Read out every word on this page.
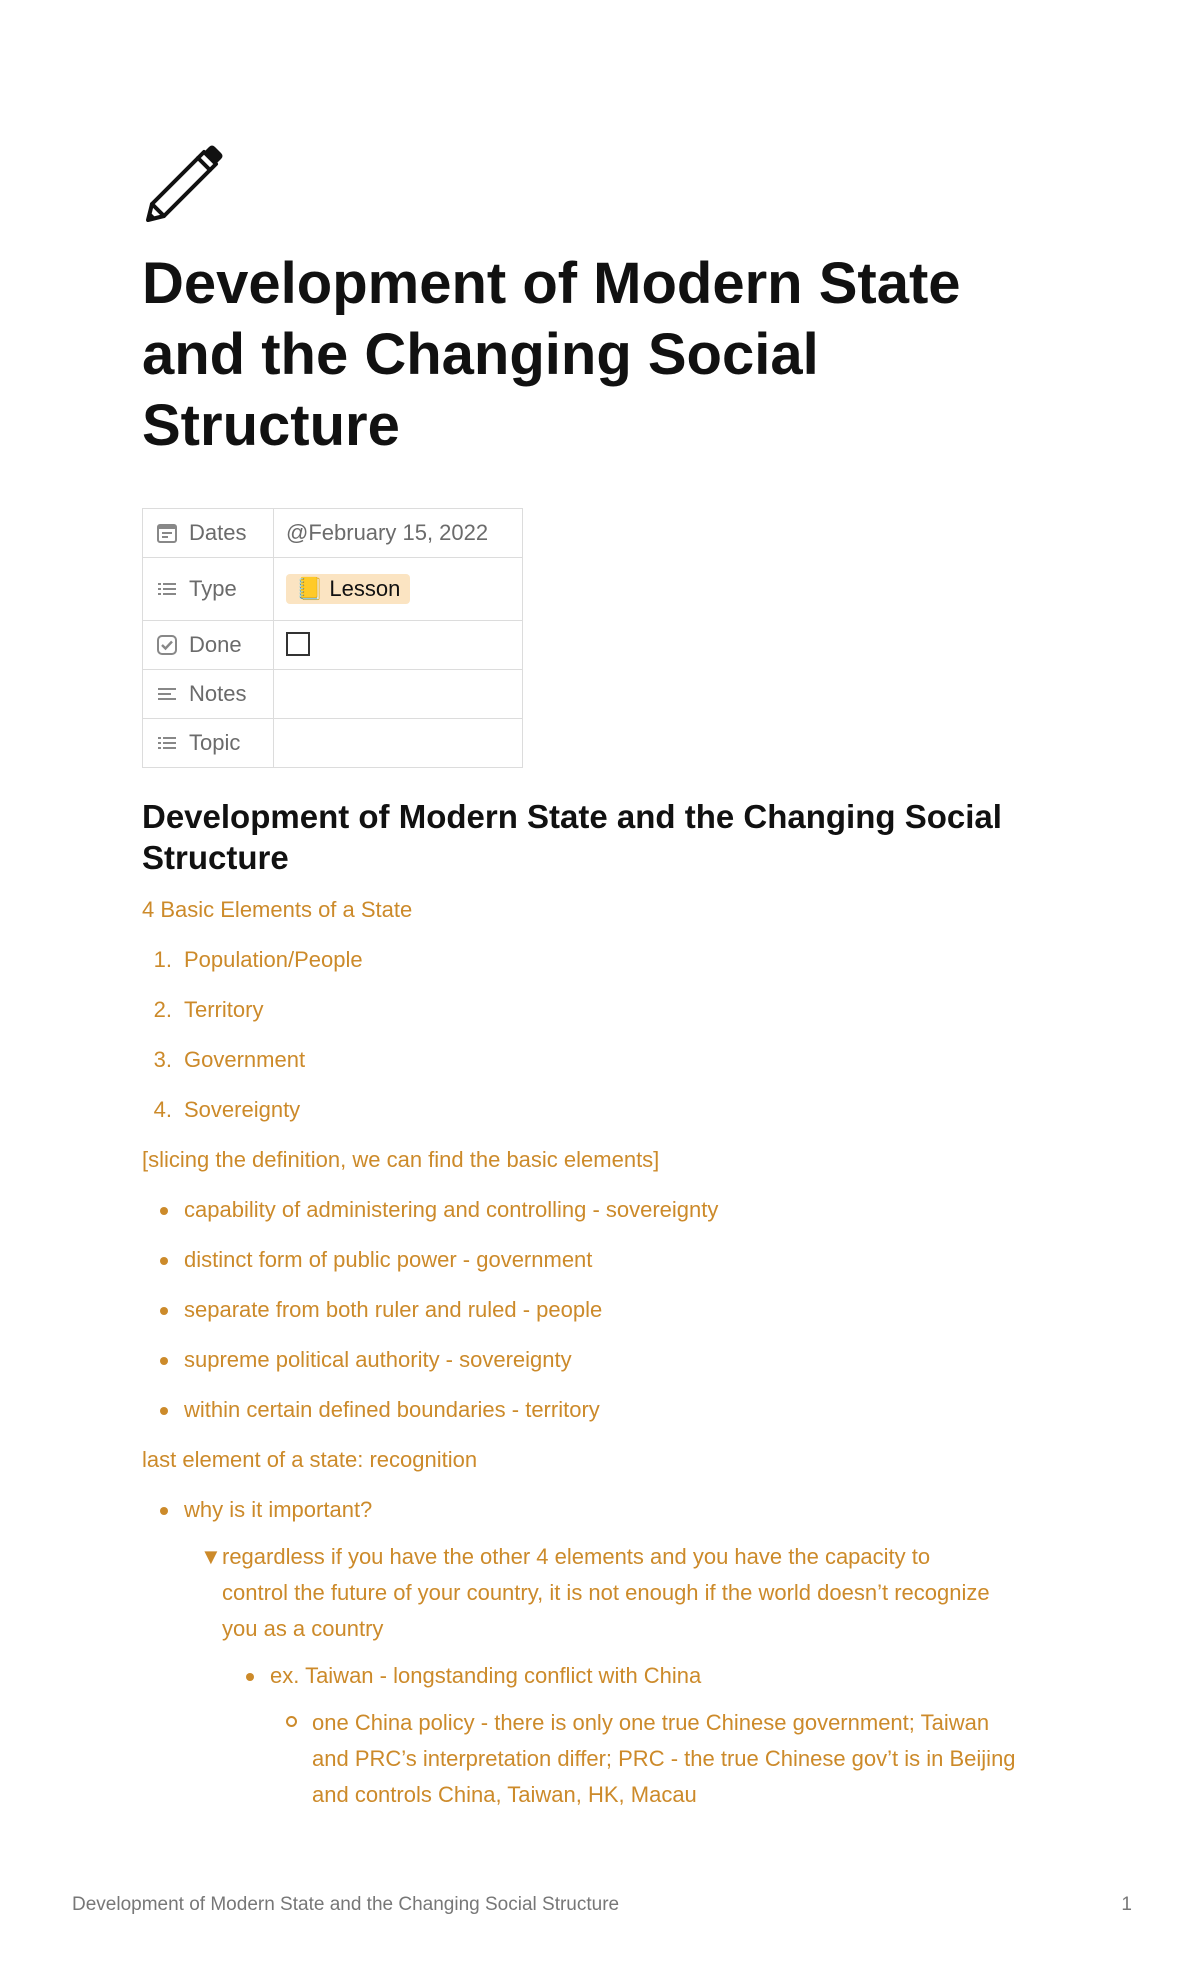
Development of Modern State and the Changing Social Structure
Dates	@February 15, 2022

Type	📒 Lesson

Done	

Notes	

Topic	

Development of Modern State and the Changing Social Structure

4 Basic Elements of a State

1. Population/People
2. Territory
3. Government
4. Sovereignty

[slicing the definition, we can find the basic elements]

capability of administering and controlling - sovereignty
distinct form of public power - government
separate from both ruler and ruled - people
supreme political authority - sovereignty
within certain defined boundaries - territory

last element of a state: recognition

why is it important?
▼ regardless if you have the other 4 elements and you have the capacity to control the future of your country, it is not enough if the world doesn’t recognize you as a country
ex. Taiwan - longstanding conflict with China
one China policy - there is only one true Chinese government; Taiwan and PRC’s interpretation differ; PRC - the true Chinese gov’t is in Beijing and controls China, Taiwan, HK, Macau
Development of Modern State and the Changing Social Structure	1
